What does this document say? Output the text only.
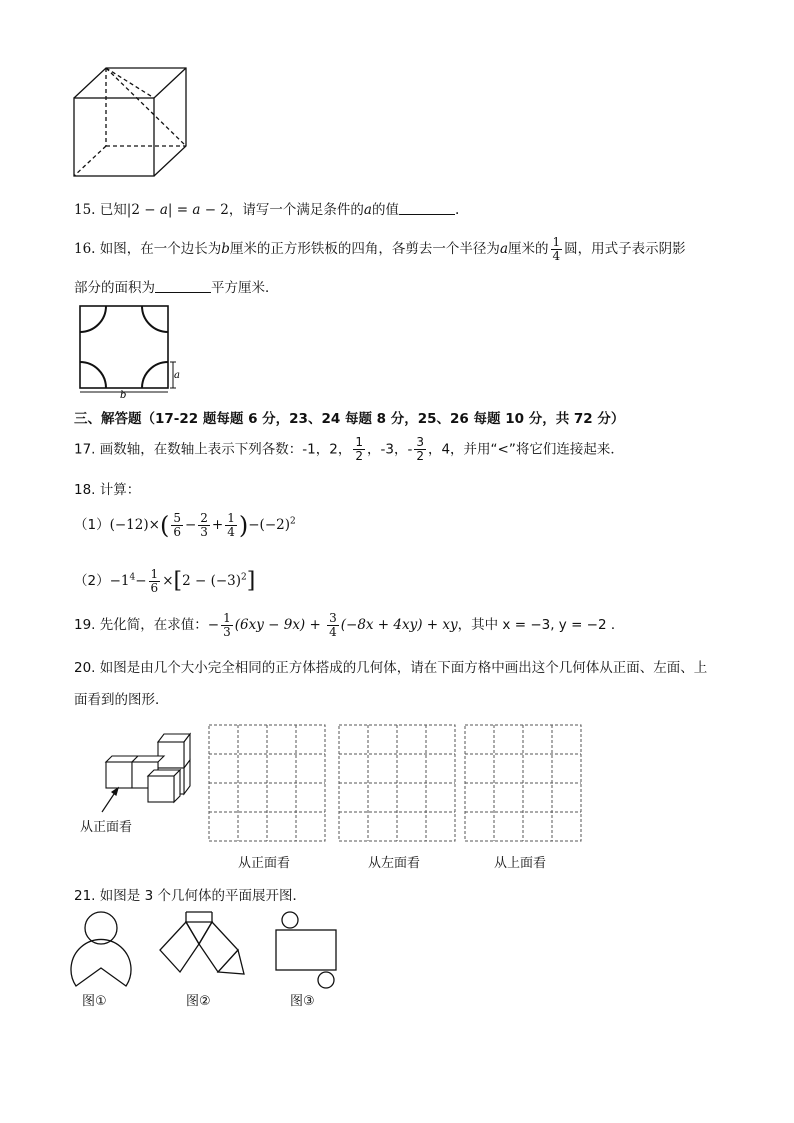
15. 已知|2 − a| = a − 2，请写一个满足条件的a的值	.
16. 如图，在一个边长为b厘米的正方形铁板的四角，各剪去一个半径为a厘米的 $\frac{1}{4}$ 圆，用式子表示阴影
部分的面积为	平方厘米．
a
b
三、解答题（17-22 题每题 6 分，23、24 每题 8 分，25、26 每题 10 分，共 72 分）
17. 画数轴，在数轴上表示下列各数：-1，2， $\frac{1}{2}$ ，-3，- $\frac{3}{2}$ ，4，并用“<”将它们连接起来．
18. 计算：
$(1)(-12)\times( \frac{5}{6} - \frac{2}{3} + \frac{1}{4} )-(-2)^2$
$(2)-1^4- \frac{1}{6} \times[2 - (-3)^2]$
19. 先化简，在求值：− $\frac{1}{3} (6xy - 9x) + \frac{3}{4} (-8x + 4xy)$ + xy，其中 x = −3, y = −2 ．
20. 如图是由几个大小完全相同的正方体搭成的几何体，请在下面方格中画出这个几何体从正面、左面、上
面看到的图形．
从正面看
从正面看	从左面看	从上面看
21. 如图是 3 个几何体的平面展开图．
图①	图②	图③
